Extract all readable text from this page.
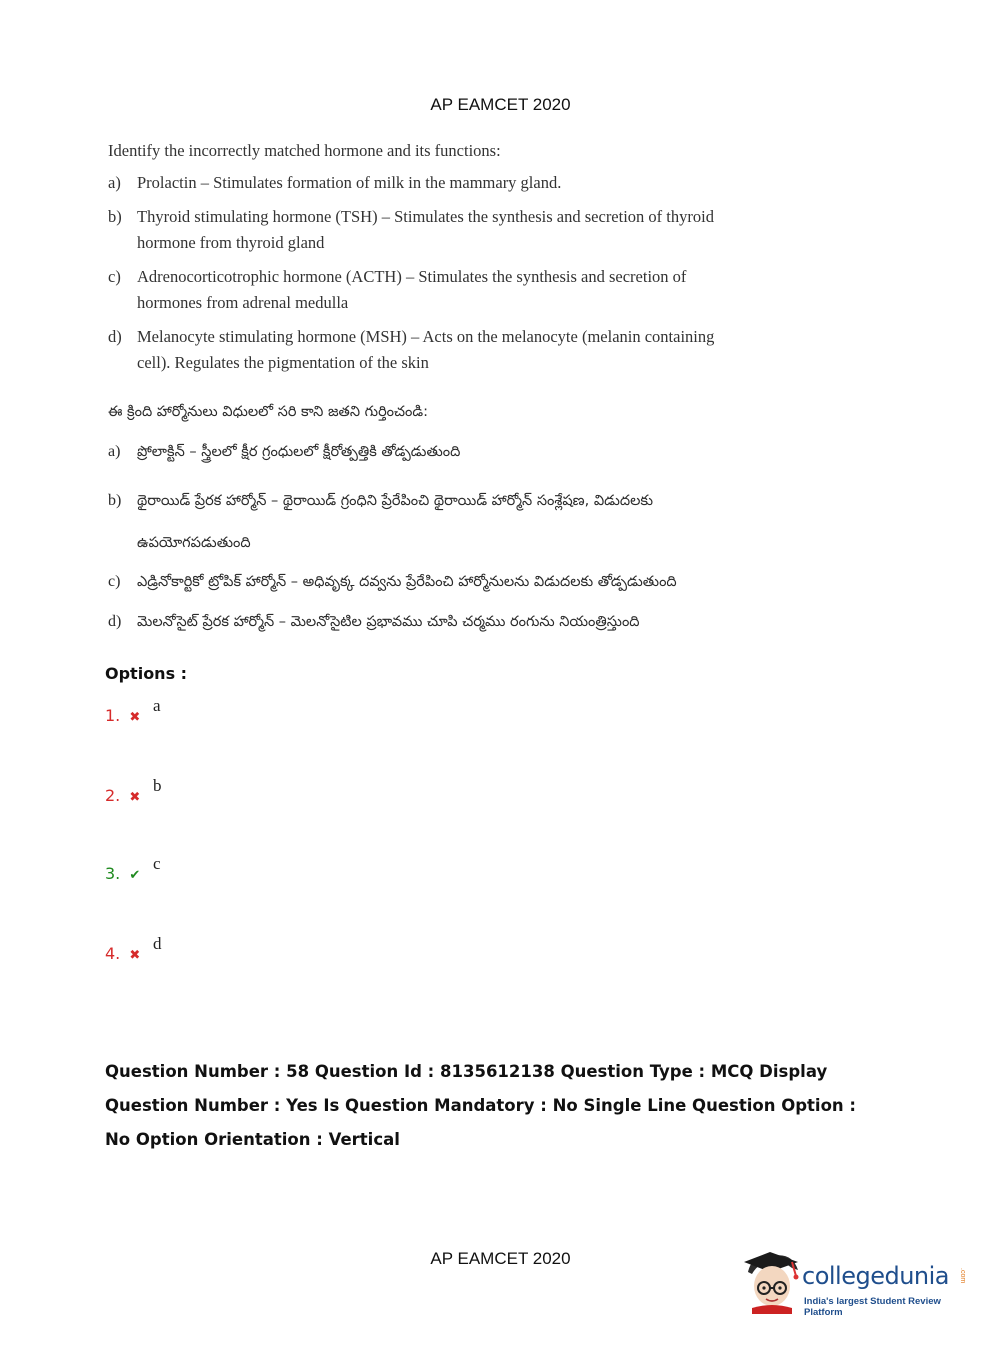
AP EAMCET 2020
Identify the incorrectly matched hormone and its functions:
a) Prolactin – Stimulates formation of milk in the mammary gland.
b) Thyroid stimulating hormone (TSH) – Stimulates the synthesis and secretion of thyroid hormone from thyroid gland
c) Adrenocorticotrophic hormone (ACTH) – Stimulates the synthesis and secretion of hormones from adrenal medulla
d) Melanocyte stimulating hormone (MSH) – Acts on the melanocyte (melanin containing cell). Regulates the pigmentation of the skin
ఈ క్రింది హార్మోనులు విధులలో సరి కాని జతని గుర్తించండి:
a)	ప్రోలాక్టిన్ – స్త్రీలలో క్షీర గ్రంధులలో క్షీరోత్పత్తికి తోడ్పడుతుంది
b)	థైరాయిడ్ ప్రేరక హార్మోన్ – థైరాయిడ్ గ్రంధిని ప్రేరేపించి థైరాయిడ్ హార్మోన్ సంశ్లేషణ, విడుదలకు ఉపయోగపడుతుంది
c)	ఎడ్రినోకార్టికో ట్రోపిక్ హార్మోన్ – అధివృక్క దవ్వను ప్రేరేపించి హార్మోనులను విడుదలకు తోడ్పడుతుంది
d)	మెలనోసైట్ ప్రేరక హార్మోన్ – మెలనోసైటిల ప్రభావము చూపి చర్మము రంగును నియంత్రిస్తుంది
Options :
1. ✖
a
2. ✖
b
3. ✔
c
4. ✖
d
Question Number : 58 Question Id : 8135612138 Question Type : MCQ Display Question Number : Yes Is Question Mandatory : No Single Line Question Option : No Option Orientation : Vertical
AP EAMCET 2020
collegedunia .com
India's largest Student Review Platform
